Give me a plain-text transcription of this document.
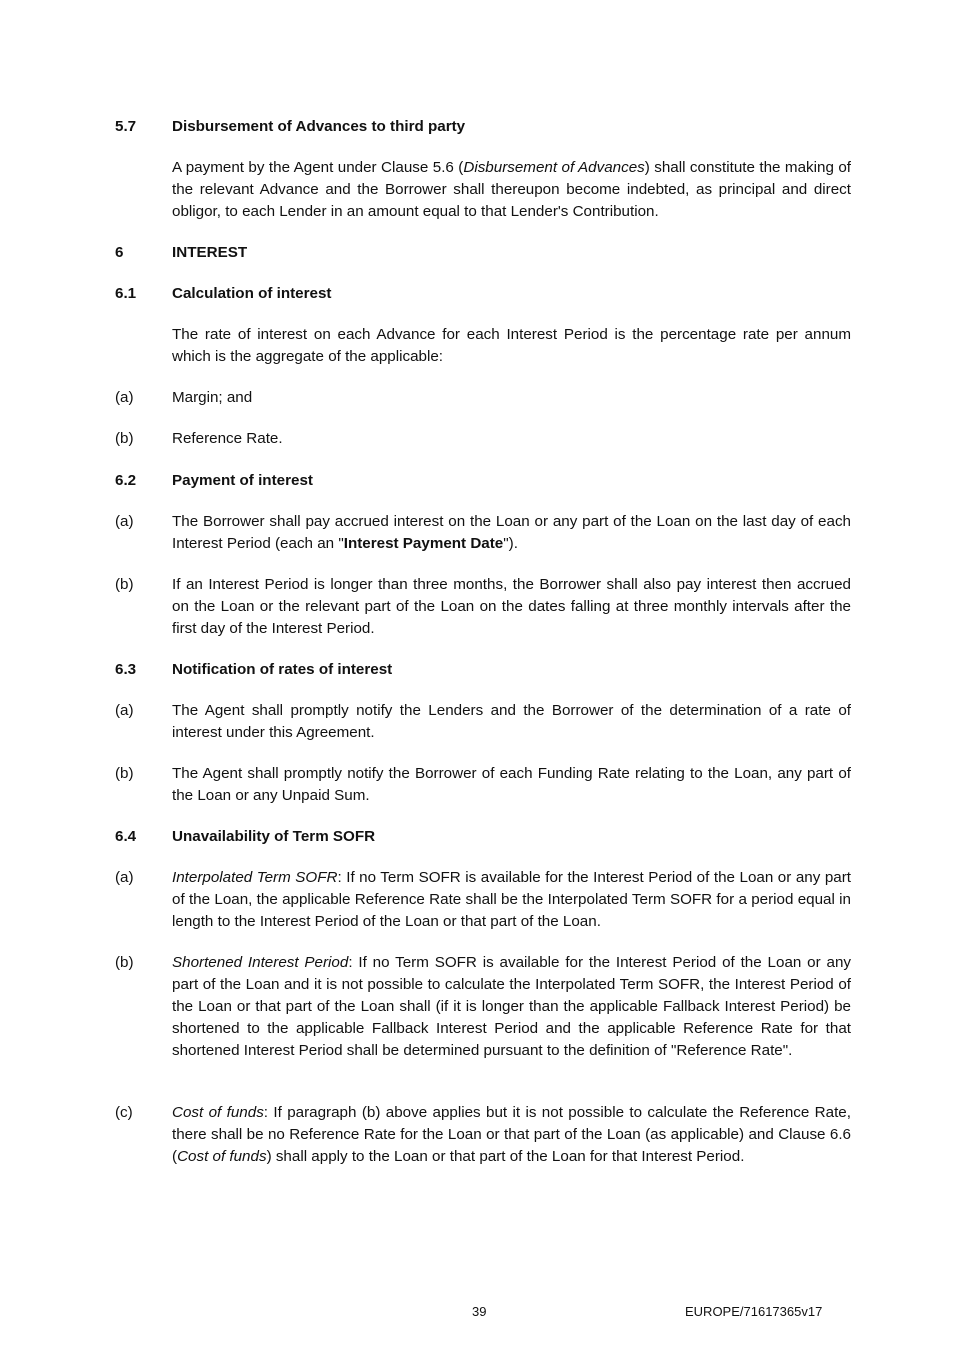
5.7 Disbursement of Advances to third party
A payment by the Agent under Clause 5.6 (Disbursement of Advances) shall constitute the making of the relevant Advance and the Borrower shall thereupon become indebted, as principal and direct obligor, to each Lender in an amount equal to that Lender's Contribution.
6	INTEREST
6.1 Calculation of interest
The rate of interest on each Advance for each Interest Period is the percentage rate per annum which is the aggregate of the applicable:
(a)	Margin; and
(b)	Reference Rate.
6.2 Payment of interest
(a)	The Borrower shall pay accrued interest on the Loan or any part of the Loan on the last day of each Interest Period (each an "Interest Payment Date").
(b)	If an Interest Period is longer than three months, the Borrower shall also pay interest then accrued on the Loan or the relevant part of the Loan on the dates falling at three monthly intervals after the first day of the Interest Period.
6.3 Notification of rates of interest
(a)	The Agent shall promptly notify the Lenders and the Borrower of the determination of a rate of interest under this Agreement.
(b)	The Agent shall promptly notify the Borrower of each Funding Rate relating to the Loan, any part of the Loan or any Unpaid Sum.
6.4 Unavailability of Term SOFR
(a)	Interpolated Term SOFR: If no Term SOFR is available for the Interest Period of the Loan or any part of the Loan, the applicable Reference Rate shall be the Interpolated Term SOFR for a period equal in length to the Interest Period of the Loan or that part of the Loan.
(b)	Shortened Interest Period: If no Term SOFR is available for the Interest Period of the Loan or any part of the Loan and it is not possible to calculate the Interpolated Term SOFR, the Interest Period of the Loan or that part of the Loan shall (if it is longer than the applicable Fallback Interest Period) be shortened to the applicable Fallback Interest Period and the applicable Reference Rate for that shortened Interest Period shall be determined pursuant to the definition of "Reference Rate".
(c)	Cost of funds: If paragraph (b) above applies but it is not possible to calculate the Reference Rate, there shall be no Reference Rate for the Loan or that part of the Loan (as applicable) and Clause 6.6 (Cost of funds) shall apply to the Loan or that part of the Loan for that Interest Period.
39	EUROPE/71617365v17
